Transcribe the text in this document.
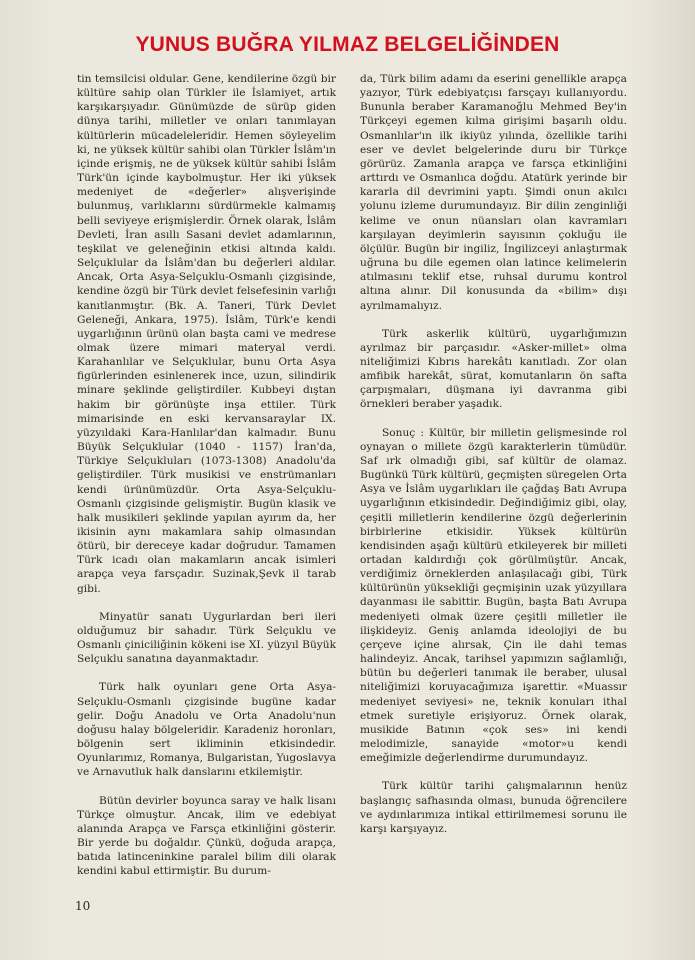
YUNUS BUĞRA YILMAZ BELGELİĞİNDEN

tin temsilcisi oldular. Gene, kendilerine özgü bir kültüre sahip olan Türkler ile İslamiyet, artık karşıkarşıyadır. Günümüzde de sürüp giden dünya tarihi, milletler ve onları tanımlayan kültürlerin mücadeleleridir. Hemen söyleyelim ki, ne yüksek kültür sahibi olan Türkler İslâm'ın içinde erişmiş, ne de yüksek kültür sahibi İslâm Türk'ün içinde kaybolmuştur. Her iki yüksek medeniyet de «değerler» alışverişinde bulunmuş, varlıklarını sürdürmekle kalmamış belli seviyeye erişmişlerdir. Örnek olarak, İslâm Devleti, İran asıllı Sasani devlet adamlarının, teşkilat ve geleneğinin etkisi altında kaldı. Selçuklular da İslâm'dan bu değerleri aldılar. Ancak, Orta Asya-Selçuklu-Osmanlı çizgisinde, kendine özgü bir Türk devlet felsefesinin varlığı kanıtlanmıştır. (Bk. A. Taneri, Türk Devlet Geleneği, Ankara, 1975). İslâm, Türk'e kendi uygarlığının ürünü olan başta cami ve medrese olmak üzere mimari materyal verdi. Karahanlılar ve Selçuklular, bunu Orta Asya figürlerinden esinlenerek ince, uzun, silindirik minare şeklinde geliştirdiler. Kubbeyi dıştan hakim bir görünüşte inşa ettiler. Türk mimarisinde en eski kervansaraylar IX. yüzyıldaki Kara-Hanlılar'dan kalmadır. Bunu Büyük Selçuklular (1040 - 1157) İran'da, Türkiye Selçukluları (1073-1308) Anadolu'da geliştirdiler. Türk musikisi ve enstrümanları kendi ürünümüzdür. Orta Asya-Selçuklu-Osmanlı çizgisinde gelişmiştir. Bugün klasik ve halk musikileri şeklinde yapılan ayırım da, her ikisinin aynı makamlara sahip olmasından ötürü, bir dereceye kadar doğrudur. Tamamen Türk icadı olan makamların ancak isimleri arapça veya farsçadır. Suzinak,Şevk il tarab gibi.

Minyatür sanatı Uygurlardan beri ileri olduğumuz bir sahadır. Türk Selçuklu ve Osmanlı çiniciliğinin kökeni ise XI. yüzyıl Büyük Selçuklu sanatına dayanmaktadır.

Türk halk oyunları gene Orta Asya-Selçuklu-Osmanlı çizgisinde bugüne kadar gelir. Doğu Anadolu ve Orta Anadolu'nun doğusu halay bölgeleridir. Karadeniz horonları, bölgenin sert ikliminin etkisindedir. Oyunlarımız, Romanya, Bulgaristan, Yugoslavya ve Arnavutluk halk danslarını etkilemiştir.

Bütün devirler boyunca saray ve halk lisanı Türkçe olmuştur. Ancak, ilim ve edebiyat alanında Arapça ve Farsça etkinliğini gösterir. Bir yerde bu doğaldır. Çünkü, doğuda arapça, batıda latinceninkine paralel bilim dili olarak kendini kabul ettirmiştir. Bu durum-

da, Türk bilim adamı da eserini genellikle arapça yazıyor, Türk edebiyatçısı farsçayı kullanıyordu. Bununla beraber Karamanoğlu Mehmed Bey'in Türkçeyi egemen kılma girişimi başarılı oldu. Osmanlılar'ın ilk ikiyüz yılında, özellikle tarihi eser ve devlet belgelerinde duru bir Türkçe görürüz. Zamanla arapça ve farsça etkinliğini arttırdı ve Osmanlıca doğdu. Atatürk yerinde bir kararla dil devrimini yaptı. Şimdi onun akılcı yolunu izleme durumundayız. Bir dilin zenginliği kelime ve onun nüansları olan kavramları karşılayan deyimlerin sayısının çokluğu ile ölçülür. Bugün bir ingiliz, İngilizceyi anlaştırmak uğruna bu dile egemen olan latince kelimelerin atılmasını teklif etse, ruhsal durumu kontrol altına alınır. Dil konusunda da «bilim» dışı ayrılmamalıyız.

Türk askerlik kültürü, uygarlığımızın ayrılmaz bir parçasıdır. «Asker-millet» olma niteliğimizi Kıbrıs harekâtı kanıtladı. Zor olan amfibik harekât, sürat, komutanların ön safta çarpışmaları, düşmana iyi davranma gibi örnekleri beraber yaşadık.

Sonuç : Kültür, bir milletin gelişmesinde rol oynayan o millete özgü karakterlerin tümüdür. Saf ırk olmadığı gibi, saf kültür de olamaz. Bugünkü Türk kültürü, geçmişten süregelen Orta Asya ve İslâm uygarlıkları ile çağdaş Batı Avrupa uygarlığının etkisindedir. Değindiğimiz gibi, olay, çeşitli milletlerin kendilerine özgü değerlerinin birbirlerine etkisidir. Yüksek kültürün kendisinden aşağı kültürü etkileyerek bir milleti ortadan kaldırdığı çok görülmüştür. Ancak, verdiğimiz örneklerden anlaşılacağı gibi, Türk kültürünün yüksekliği geçmişinin uzak yüzyıllara dayanması ile sabittir. Bugün, başta Batı Avrupa medeniyeti olmak üzere çeşitli milletler ile ilişkideyiz. Geniş anlamda ideolojiyi de bu çerçeve içine alırsak, Çin ile dahi temas halindeyiz. Ancak, tarihsel yapımızın sağlamlığı, bütün bu değerleri tanımak ile beraber, ulusal niteliğimizi koruyacağımıza işarettir. «Muassır medeniyet seviyesi» ne, teknik konuları ithal etmek suretiyle erişiyoruz. Örnek olarak, musikide Batının «çok ses» ini kendi melodimizle, sanayide «motor»u kendi emeğimizle değerlendirme durumundayız.

Türk kültür tarihi çalışmalarının henüz başlangıç safhasında olması, bunuda öğrencilere ve aydınlarımıza intikal ettirilmemesi sorunu ile karşı karşıyayız.

10
